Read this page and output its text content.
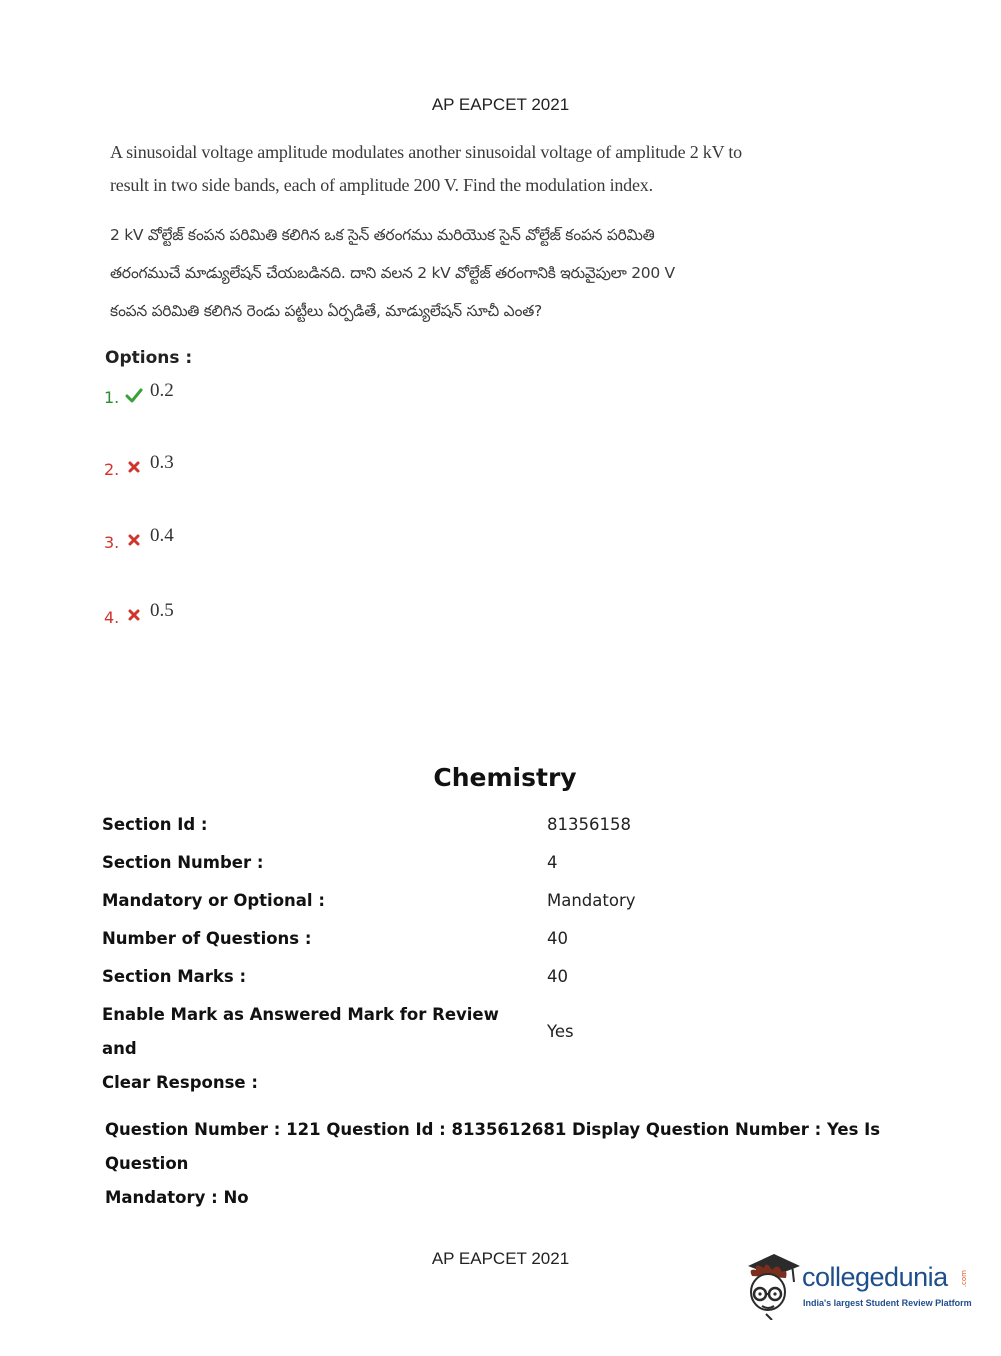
AP EAPCET 2021

A sinusoidal voltage amplitude modulates another sinusoidal voltage of amplitude 2 kV to

result in two side bands, each of amplitude 200 V. Find the modulation index.

2 kV వోల్టేజ్ కంపన పరిమితి కలిగిన ఒక సైన్ తరంగము మరియొక సైన్ వోల్టేజ్ కంపన పరిమితి

తరంగముచే మాడ్యులేషన్ చేయబడినది. దాని వలన 2 kV వోల్టేజ్ తరంగానికి ఇరువైపులా 200 V

కంపన పరిమితి కలిగిన రెండు పట్టీలు ఏర్పడితే, మాడ్యులేషన్ సూచీ ఎంత?

Options :
1. 0.2
2. 0.3
3. 0.4
4. 0.5
Chemistry
Section Id :	81356158
Section Number :	4
Mandatory or Optional :	Mandatory
Number of Questions :	40
Section Marks :	40
Enable Mark as Answered Mark for Review and
Clear Response :
Yes

Question Number : 121 Question Id : 8135612681 Display Question Number : Yes Is Question

Mandatory : No

AP EAPCET 2021
collegedunia .com
India's largest Student Review Platform
